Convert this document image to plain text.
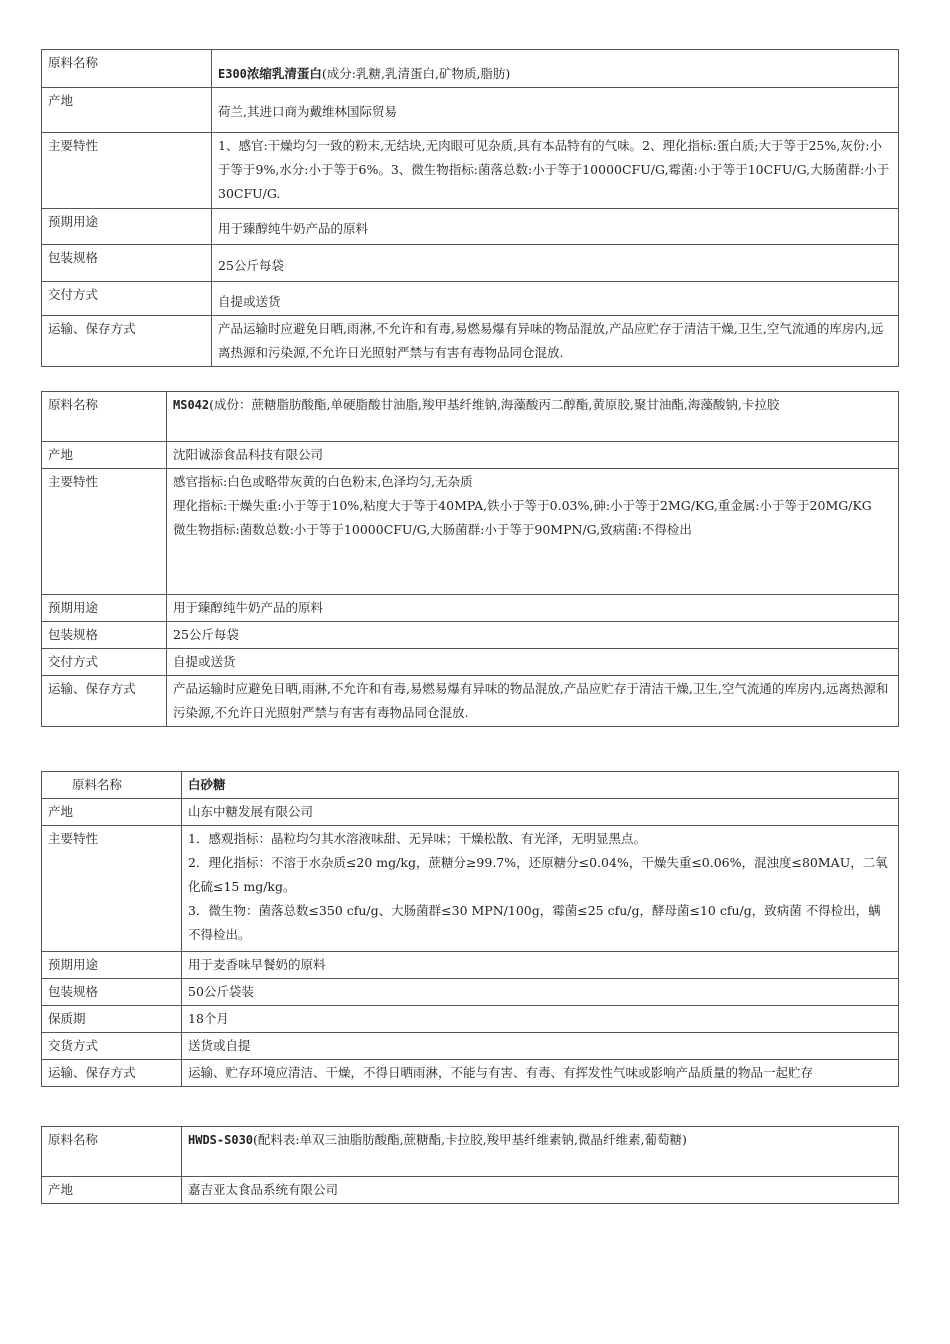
原料名称	E300浓缩乳清蛋白(成分:乳糖,乳清蛋白,矿物质,脂肪)
产地	荷兰,其进口商为戴维林国际贸易
主要特性	1、感官:干燥均匀一致的粉末,无结块,无肉眼可见杂质,具有本品特有的气味。2、理化指标:蛋白质;大于等于25%,灰份:小于等于9%,水分:小于等于6%。3、微生物指标:菌落总数:小于等于10000CFU/G,霉菌:小于等于10CFU/G,大肠菌群:小于30CFU/G.
预期用途	用于臻醇纯牛奶产品的原料
包装规格	25公斤每袋
交付方式	自提或送货
运输、保存方式	产品运输时应避免日晒,雨淋,不允许和有毒,易燃易爆有异味的物品混放,产品应贮存于清洁干燥,卫生,空气流通的库房内,远离热源和污染源,不允许日光照射严禁与有害有毒物品同仓混放.
原料名称	MS042(成份：蔗糖脂肪酸酯,单硬脂酸甘油脂,羧甲基纤维钠,海藻酸丙二醇酯,黄原胶,聚甘油酯,海藻酸钠,卡拉胶
产地	沈阳诚添食品科技有限公司
主要特性	感官指标:白色或略带灰黄的白色粉末,色泽均匀,无杂质
理化指标:干燥失重:小于等于10%,粘度大于等于40MPA,铁小于等于0.03%,砷:小于等于2MG/KG,重金属:小于等于20MG/KG
微生物指标:菌数总数:小于等于10000CFU/G,大肠菌群:小于等于90MPN/G,致病菌:不得检出

预期用途	用于臻醇纯牛奶产品的原料
包装规格	25公斤每袋
交付方式	自提或送货
运输、保存方式	产品运输时应避免日晒,雨淋,不允许和有毒,易燃易爆有异味的物品混放,产品应贮存于清洁干燥,卫生,空气流通的库房内,远离热源和污染源,不允许日光照射严禁与有害有毒物品同仓混放.
原料名称	白砂糖
产地	山东中糖发展有限公司
主要特性	1．感观指标：晶粒均匀其水溶液味甜、无异味；干燥松散、有光泽，无明显黑点。
2．理化指标：不溶于水杂质≤20 mg/kg，蔗糖分≥99.7%，还原糖分≤0.04%，干燥失重≤0.06%，混浊度≤80MAU，二氧化硫≤15 mg/kg。
3．微生物：菌落总数≤350 cfu/g、大肠菌群≤30 MPN/100g，霉菌≤25 cfu/g，酵母菌≤10 cfu/g，致病菌 不得检出，螨 不得检出。

预期用途	用于麦香味早餐奶的原料
包装规格	50公斤袋装
保质期	18个月
交货方式	送货或自提
运输、保存方式	运输、贮存环境应清洁、干燥，不得日晒雨淋，不能与有害、有毒、有挥发性气味或影响产品质量的物品一起贮存
原料名称	HWDS-S030(配料表:单双三油脂肪酸酯,蔗糖酯,卡拉胶,羧甲基纤维素钠,微晶纤维素,葡萄糖)
产地	嘉吉亚太食品系统有限公司
